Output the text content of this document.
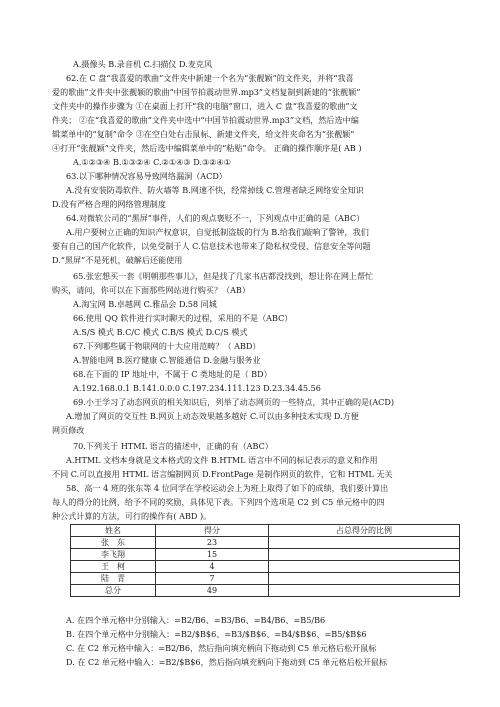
A.摄像头 B.录音机 C.扫描仪 D.麦克风
62.在 C 盘“我喜爱的歌曲”文件夹中新建一个名为“张靓颖”的文件夹，并将“我喜
爱的歌曲”文件夹中张靓颖的歌曲“中国节拍震动世界.mp3”文档复制到新建的“张靓颖”
文件夹中的操作步骤为 ①在桌面上打开“我的电脑”窗口，进入 C 盘“我喜爱的歌曲”文
件夹； ②在“我喜爱的歌曲”文件夹中选中“中国节拍震动世界.mp3”文档，然后选中编
辑菜单中的“复制”命令 ③在空白处右击鼠标、新建文件夹，给文件夹命名为“张靓颖”
④打开“张靓颖”文件夹，然后选中编辑菜单中的“粘贴”命令。 正确的操作顺序是( AB )
A.①②③④ B.①③②④ C.②①④③ D.③②④①
63.以下哪种情况容易导致网络漏洞（ACD）
A.没有安装防毒软件、防火墙等 B.网速不快，经常掉线 C.管理者缺乏网络安全知识
D.没有严格合理的网络管理制度
64.对微软公司的“黑屏”事件，人们的观点褒贬不一，下列观点中正确的是（ABC）
A.用户要树立正确的知识产权意识，自觉抵制盗版的行为 B.给我们敲响了警钟，我们
要有自己的国产化软件，以免受制于人 C.信息技术也带来了隐私权受侵、信息安全等问题
D.“黑屏”不是死机，破解后还能使用
65.张宏想买一套《明朝那些事儿》，但是找了几家书店都没找到，想让你在网上帮忙
购买，请问，你可以在下面那些网站进行购买？（AB）
A.淘宝网 B.卓越网 C.雅品会 D.58 同城
66.使用 QQ 软件进行实时聊天的过程，采用的不是（ABC）
A.S/S 模式 B.C/C 模式 C.B/S 模式 D.C/S 模式
67.下列哪些属于物联网的十大应用范畴？（ ABD）
A.智能电网 B.医疗健康 C.智能通信 D.金融与服务业
68.在下面的 IP 地址中，不属于 C 类地址的是（ BD）
A.192.168.0.1 B.141.0.0.0 C.197.234.111.123 D.23.34.45.56
69.小王学习了动态网页的相关知识后，列举了动态网页的一些特点，其中正确的是(ACD)
A.增加了网页的交互性 B.网页上动态效果越多越好 C.可以由多种技术实现 D.方便
网页修改
70.下列关于 HTML 语言的描述中，正确的有（ABC）
A.HTML 文档本身就是文本格式的文件 B.HTML 语言中不同的标记表示的意义和作用
不同 C.可以直接用 HTML 语言编制网页 D.FrontPage 是制作网页的软件，它和 HTML 无关
58、高一 4 班的张东等 4 位同学在学校运动会上为班上取得了如下的成绩，我们要计算出
每人的得分的比例，给予不同的奖励，具体见下表。下列四个选项是 C2 到 C5 单元格中的四
种公式计算的方法，可行的操作有( ABD )。
姓名	得分	占总得分的比例
张　东	23	
李飞翔	15	
王　柯	4	
陆　青	7	
总分	49	
A. 在四个单元格中分别输入：=B2/B6、=B3/B6、=B4/B6、=B5/B6
B. 在四个单元格中分别输入：=B2/$B$6、=B3/$B$6、=B4/$B$6、=B5/$B$6
C. 在 C2 单元格中输入：=B2/B6，然后指向填充柄向下拖动到 C5 单元格后松开鼠标
D. 在 C2 单元格中输入：=B2/$B$6，然后指向填充柄向下拖动到 C5 单元格后松开鼠标
